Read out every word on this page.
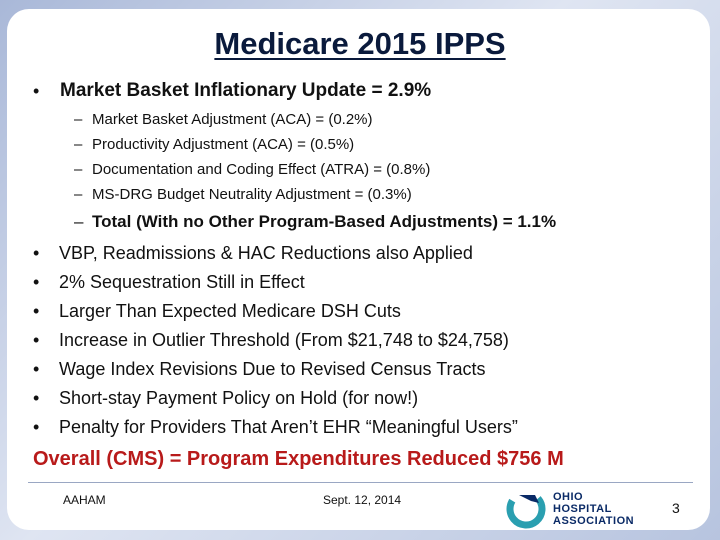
Medicare 2015 IPPS
• Market Basket Inflationary Update = 2.9%
– Market Basket Adjustment (ACA) = (0.2%)
– Productivity Adjustment (ACA) = (0.5%)
– Documentation and Coding Effect (ATRA) = (0.8%)
– MS-DRG Budget Neutrality Adjustment = (0.3%)
– Total (With no Other Program-Based Adjustments) = 1.1%
• VBP, Readmissions & HAC Reductions also Applied
• 2% Sequestration Still in Effect
• Larger Than Expected Medicare DSH Cuts
• Increase in Outlier Threshold (From $21,748 to $24,758)
• Wage Index Revisions Due to Revised Census Tracts
• Short-stay Payment Policy on Hold (for now!)
• Penalty for Providers That Aren’t EHR “Meaningful Users”
Overall (CMS) = Program Expenditures Reduced $756 M
AAHAM	Sept. 12, 2014	3
OHIO
HOSPITAL
ASSOCIATION
